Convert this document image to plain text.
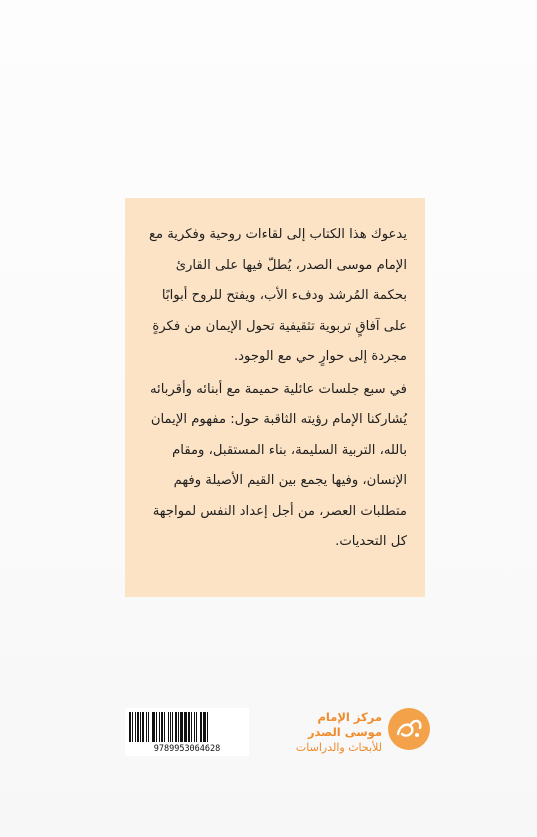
يدعوك هذا الكتاب إلى لقاءات روحية وفكرية مع الإمام موسى الصدر، يُطلّ فيها على القارئ بحكمة المُرشد ودفء الأب، ويفتح للروح أبوابًا على آفاقٍ تربوية تثقيفية تحول الإيمان من فكرةٍ مجردة إلى حوارٍ حي مع الوجود.

في سبع جلسات عائلية حميمة مع أبنائه وأقربائه يُشاركنا الإمام رؤيته الثاقبة حول: مفهوم الإيمان بالله، التربية السليمة، بناء المستقبل، ومقام الإنسان، وفيها يجمع بين القيم الأصيلة وفهم متطلبات العصر، من أجل إعداد النفس لمواجهة كل التحديات.

9789953064628
مركز الإمام
موسى الصدر
للأبحاث والدراسات
